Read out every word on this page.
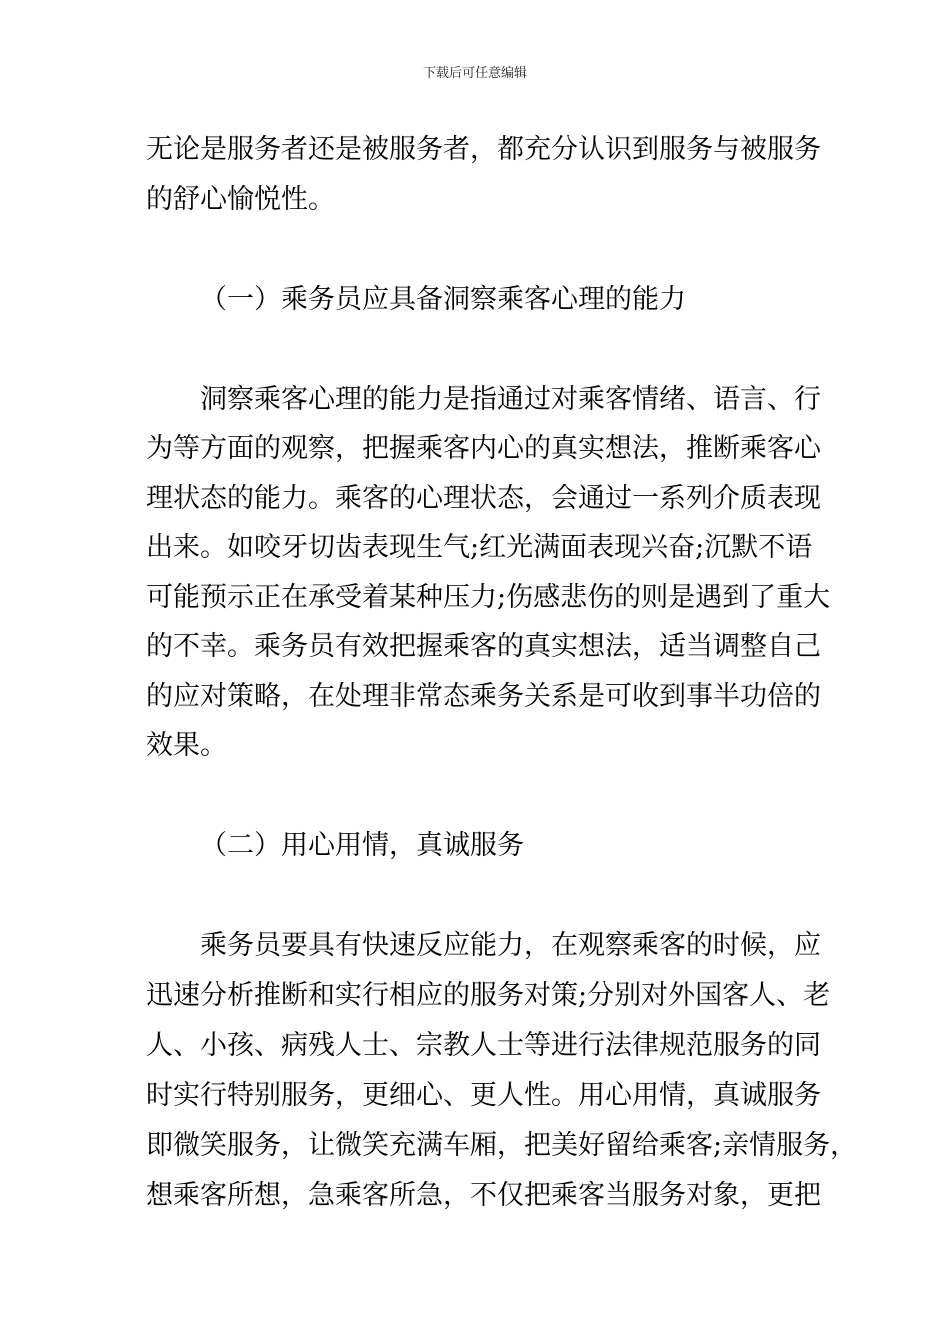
下载后可任意编辑
无论是服务者还是被服务者，都充分认识到服务与被服务
的舒心愉悦性。
（一）乘务员应具备洞察乘客心理的能力
洞察乘客心理的能力是指通过对乘客情绪、语言、行
为等方面的观察，把握乘客内心的真实想法，推断乘客心
理状态的能力。乘客的心理状态，会通过一系列介质表现
出来。如咬牙切齿表现生气;红光满面表现兴奋;沉默不语
可能预示正在承受着某种压力;伤感悲伤的则是遇到了重大
的不幸。乘务员有效把握乘客的真实想法，适当调整自己
的应对策略，在处理非常态乘务关系是可收到事半功倍的
效果。
（二）用心用情，真诚服务
乘务员要具有快速反应能力，在观察乘客的时候，应
迅速分析推断和实行相应的服务对策;分别对外国客人、老
人、小孩、病残人士、宗教人士等进行法律规范服务的同
时实行特别服务，更细心、更人性。用心用情，真诚服务
即微笑服务，让微笑充满车厢，把美好留给乘客;亲情服务，
想乘客所想，急乘客所急，不仅把乘客当服务对象，更把
